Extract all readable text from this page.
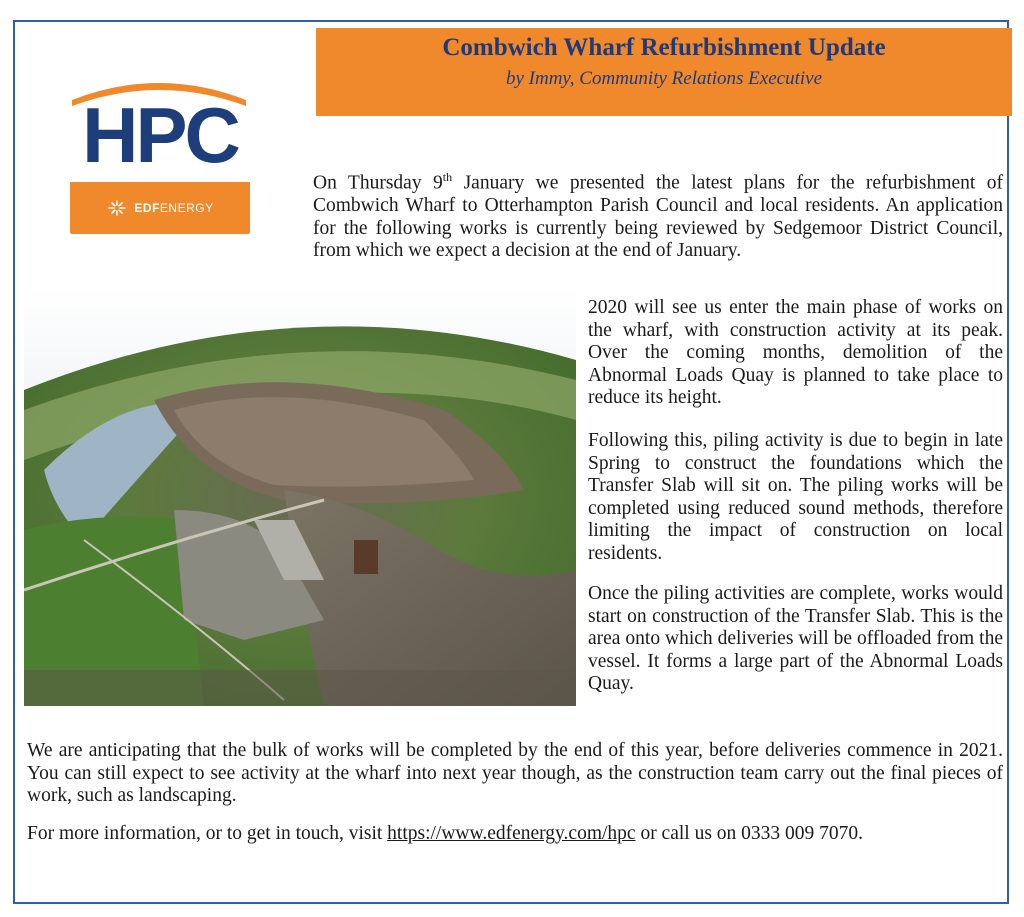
Combwich Wharf Refurbishment Update
by Immy, Community Relations Executive
HPC
EDFENERGY

On Thursday 9th January we presented the latest plans for the refurbishment of Combwich Wharf to Otterhampton Parish Council and local residents. An application for the following works is currently being reviewed by Sedgemoor District Council, from which we expect a decision at the end of January.

2020 will see us enter the main phase of works on the wharf, with construction activity at its peak. Over the coming months, demolition of the Abnormal Loads Quay is planned to take place to reduce its height.

Following this, piling activity is due to begin in late Spring to construct the foundations which the Transfer Slab will sit on. The piling works will be completed using reduced sound methods, therefore limiting the impact of construction on local residents.

Once the piling activities are complete, works would start on construction of the Transfer Slab. This is the area onto which deliveries will be offloaded from the vessel. It forms a large part of the Abnormal Loads Quay.

We are anticipating that the bulk of works will be completed by the end of this year, before deliveries commence in 2021. You can still expect to see activity at the wharf into next year though, as the construction team carry out the final pieces of work, such as landscaping.

For more information, or to get in touch, visit https://www.edfenergy.com/hpc or call us on 0333 009 7070.
